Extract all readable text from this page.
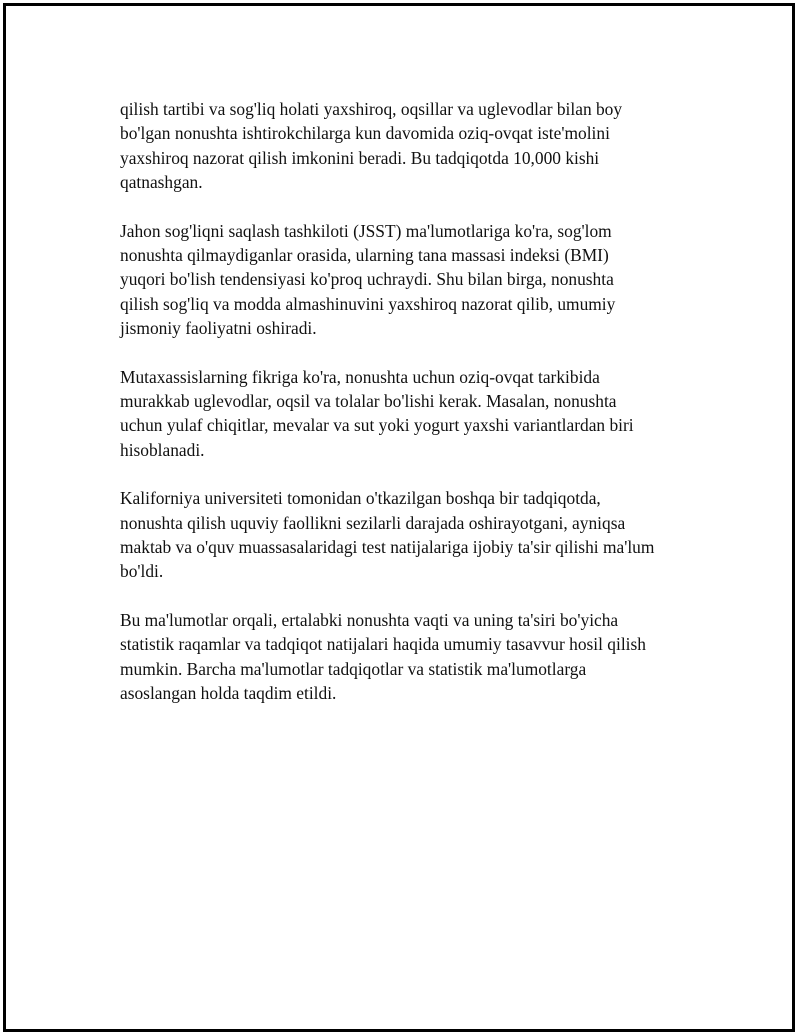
qilish tartibi va sog'liq holati yaxshiroq, oqsillar va uglevodlar bilan boy
bo'lgan nonushta ishtirokchilarga kun davomida oziq-ovqat iste'molini
yaxshiroq nazorat qilish imkonini beradi. Bu tadqiqotda 10,000 kishi
qatnashgan.

Jahon sog'liqni saqlash tashkiloti (JSST) ma'lumotlariga ko'ra, sog'lom
nonushta qilmaydiganlar orasida, ularning tana massasi indeksi (BMI)
yuqori bo'lish tendensiyasi ko'proq uchraydi. Shu bilan birga, nonushta
qilish sog'liq va modda almashinuvini yaxshiroq nazorat qilib, umumiy
jismoniy faoliyatni oshiradi.

Mutaxassislarning fikriga ko'ra, nonushta uchun oziq-ovqat tarkibida
murakkab uglevodlar, oqsil va tolalar bo'lishi kerak. Masalan, nonushta
uchun yulaf chiqitlar, mevalar va sut yoki yogurt yaxshi variantlardan biri
hisoblanadi.

Kaliforniya universiteti tomonidan o'tkazilgan boshqa bir tadqiqotda,
nonushta qilish uquviy faollikni sezilarli darajada oshirayotgani, ayniqsa
maktab va o'quv muassasalaridagi test natijalariga ijobiy ta'sir qilishi ma'lum
bo'ldi.

Bu ma'lumotlar orqali, ertalabki nonushta vaqti va uning ta'siri bo'yicha
statistik raqamlar va tadqiqot natijalari haqida umumiy tasavvur hosil qilish
mumkin. Barcha ma'lumotlar tadqiqotlar va statistik ma'lumotlarga
asoslangan holda taqdim etildi.
